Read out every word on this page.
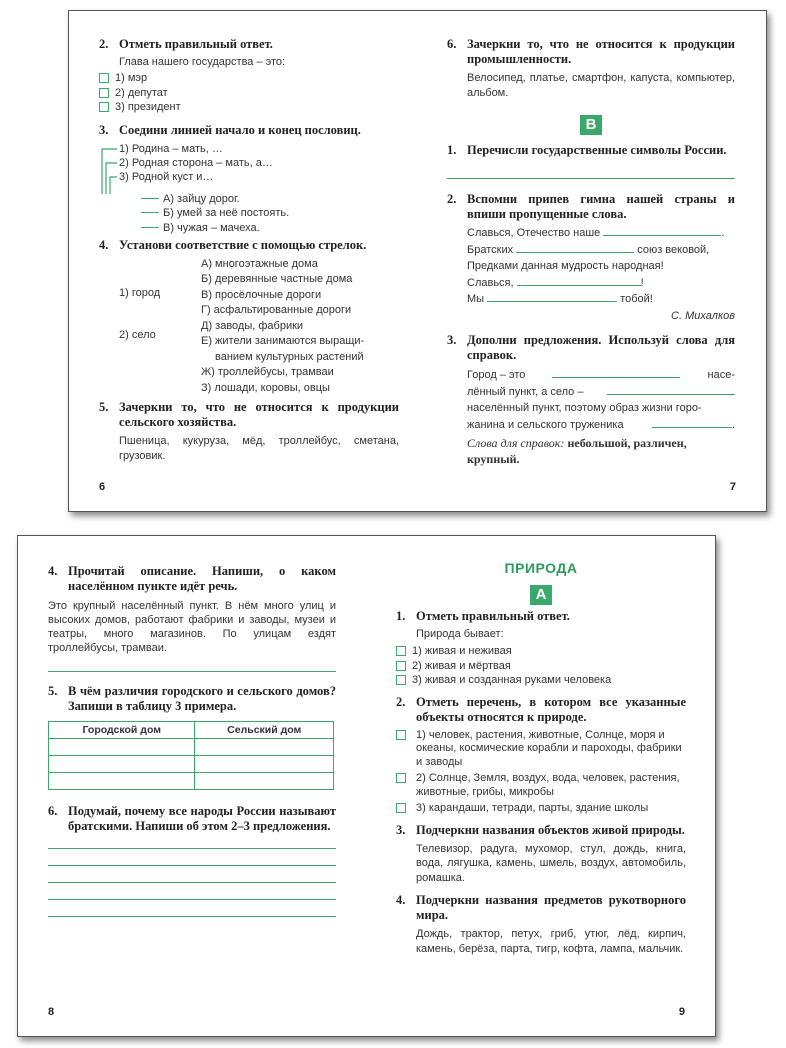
2. Отметь правильный ответ.
Глава нашего государства – это:
1) мэр
2) депутат
3) президент
3. Соедини линией начало и конец пословиц.
1) Родина – мать, …
2) Родная сторона – мать, а…
3) Родной куст и…
А) зайцу дорог.
Б) умей за неё постоять.
В) чужая – мачеха.
4. Установи соответствие с помощью стрелок.
1) город
2) село
А) многоэтажные дома
Б) деревянные частные дома
В) просёлочные дороги
Г) асфальтированные дороги
Д) заводы, фабрики
Е) жители занимаются выращи-
ванием культурных растений
Ж) троллейбусы, трамваи
З) лошади, коровы, овцы
5. Зачеркни то, что не относится к продукции сельского хозяйства.
Пшеница, кукуруза, мёд, троллейбус, сметана, грузовик.
6
6. Зачеркни то, что не относится к продукции промышленности.
Велосипед, платье, смартфон, капуста, компьютер, альбом.
В
1. Перечисли государственные символы России.
2. Вспомни припев гимна нашей страны и впиши пропущенные слова.
Славься, Отечество наше	.
Братских	союз вековой,
Предками данная мудрость народная!
Славься,	!
Мы	тобой!
С. Михалков
3. Дополни предложения. Используй слова для справок.
Город – это	насе-
лённый пункт, а село –
населённый пункт, поэтому образ жизни горо-
жанина и сельского труженика	.
Слова для справок: небольшой, различен, крупный.
7
4. Прочитай описание. Напиши, о каком населённом пункте идёт речь.
Это крупный населённый пункт. В нём много улиц и высоких домов, работают фабрики и заводы, музеи и театры, много магазинов. По улицам ездят троллейбусы, трамваи.
5. В чём различия городского и сельского домов? Запиши в таблицу 3 примера.
Городской дом	Сельский дом

6. Подумай, почему все народы России называют братскими. Напиши об этом 2–3 предложения.
8
ПРИРОДА
А
1. Отметь правильный ответ.
Природа бывает:
1) живая и неживая
2) живая и мёртвая
3) живая и созданная руками человека
2. Отметь перечень, в котором все указанные объекты относятся к природе.
1) человек, растения, животные, Солнце, моря и океаны, космические корабли и пароходы, фабрики и заводы
2) Солнце, Земля, воздух, вода, человек, растения, животные, грибы, микробы
3) карандаши, тетради, парты, здание школы
3. Подчеркни названия объектов живой природы.
Телевизор, радуга, мухомор, стул, дождь, книга, вода, лягушка, камень, шмель, воздух, автомобиль, ромашка.
4. Подчеркни названия предметов рукотворного мира.
Дождь, трактор, петух, гриб, утюг, лёд, кирпич, камень, берёза, парта, тигр, кофта, лампа, мальчик.
9
